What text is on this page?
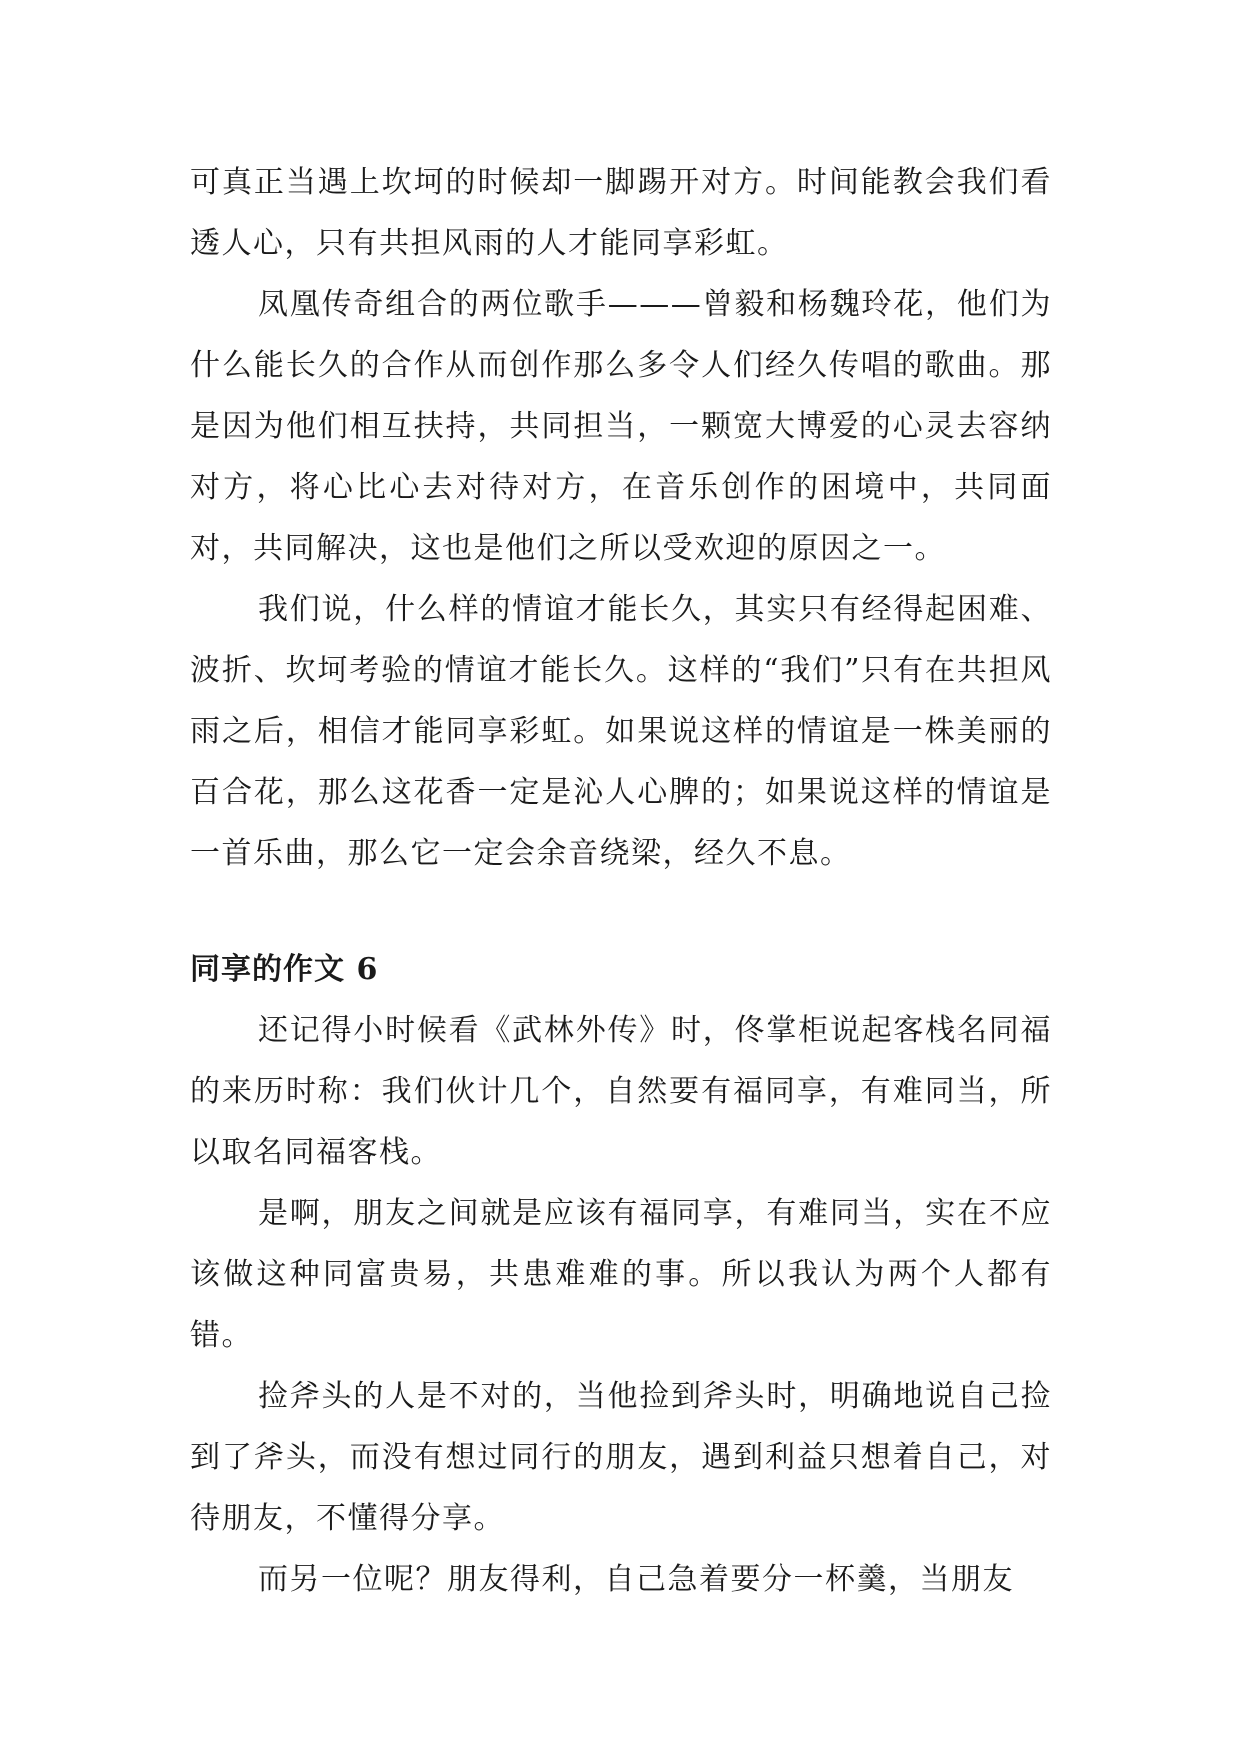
可真正当遇上坎坷的时候却一脚踢开对方。时间能教会我们看透人心，只有共担风雨的人才能同享彩虹。

凤凰传奇组合的两位歌手———曾毅和杨魏玲花，他们为什么能长久的合作从而创作那么多令人们经久传唱的歌曲。那是因为他们相互扶持，共同担当，一颗宽大博爱的心灵去容纳对方，将心比心去对待对方，在音乐创作的困境中，共同面对，共同解决，这也是他们之所以受欢迎的原因之一。

我们说，什么样的情谊才能长久，其实只有经得起困难、波折、坎坷考验的情谊才能长久。这样的“我们”只有在共担风雨之后，相信才能同享彩虹。如果说这样的情谊是一株美丽的百合花，那么这花香一定是沁人心脾的；如果说这样的情谊是一首乐曲，那么它一定会余音绕梁，经久不息。

同享的作文 6

还记得小时候看《武林外传》时，佟掌柜说起客栈名同福的来历时称：我们伙计几个，自然要有福同享，有难同当，所以取名同福客栈。

是啊，朋友之间就是应该有福同享，有难同当，实在不应该做这种同富贵易，共患难难的事。所以我认为两个人都有错。

捡斧头的人是不对的，当他捡到斧头时，明确地说自己捡到了斧头，而没有想过同行的朋友，遇到利益只想着自己，对待朋友，不懂得分享。

而另一位呢？朋友得利，自己急着要分一杯羹，当朋友
